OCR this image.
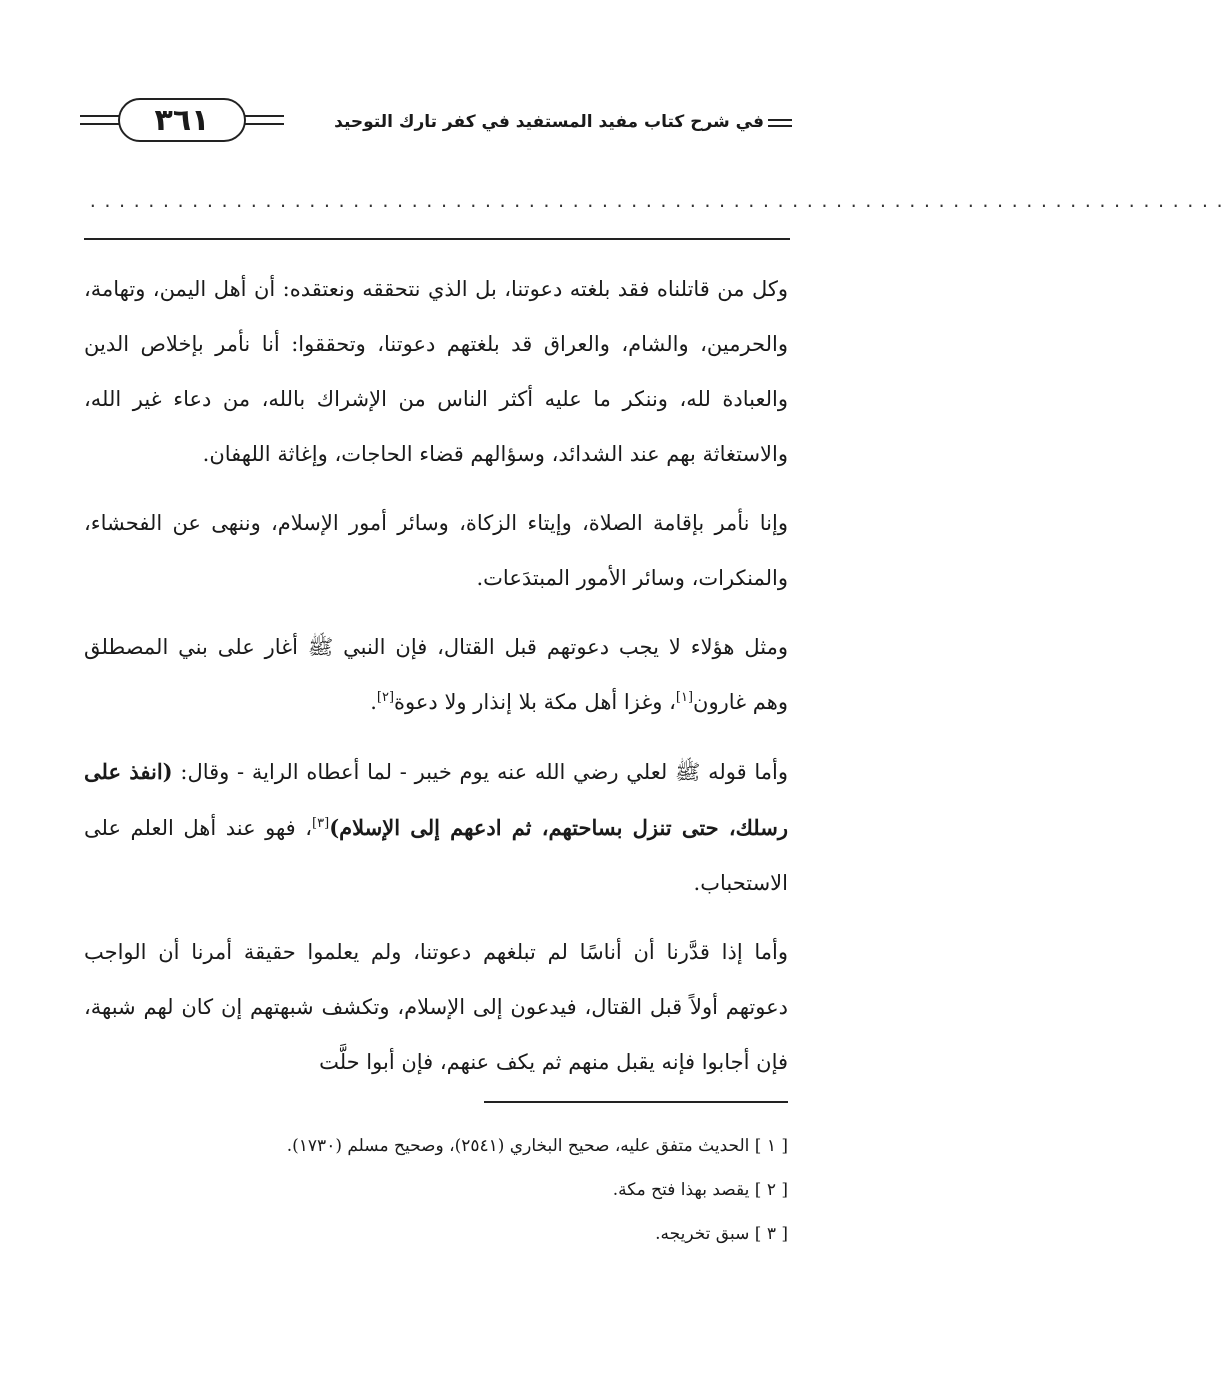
٣٦١	في شرح كتاب مفيد المستفيد في كفر تارك التوحيد
..............................................................................

وكل من قاتلناه فقد بلغته دعوتنا، بل الذي نتحققه ونعتقده: أن أهل اليمن، وتهامة، والحرمين، والشام، والعراق قد بلغتهم دعوتنا، وتحققوا: أنا نأمر بإخلاص الدين والعبادة لله، وننكر ما عليه أكثر الناس من الإشراك بالله، من دعاء غير الله، والاستغاثة بهم عند الشدائد، وسؤالهم قضاء الحاجات، وإغاثة اللهفان.

وإنا نأمر بإقامة الصلاة، وإيتاء الزكاة، وسائر أمور الإسلام، وننهى عن الفحشاء، والمنكرات، وسائر الأمور المبتدَعات.

ومثل هؤلاء لا يجب دعوتهم قبل القتال، فإن النبي ﷺ أغار على بني المصطلق وهم غارون[١]، وغزا أهل مكة بلا إنذار ولا دعوة[٢].

وأما قوله ﷺ لعلي رضي الله عنه يوم خيبر - لما أعطاه الراية - وقال: (انفذ على رسلك، حتى تنزل بساحتهم، ثم ادعهم إلى الإسلام)[٣]، فهو عند أهل العلم على الاستحباب.

وأما إذا قدَّرنا أن أناسًا لم تبلغهم دعوتنا، ولم يعلموا حقيقة أمرنا أن الواجب دعوتهم أولاً قبل القتال، فيدعون إلى الإسلام، وتكشف شبهتهم إن كان لهم شبهة، فإن أجابوا فإنه يقبل منهم ثم يكف عنهم، فإن أبوا حلَّت

[ ١ ] الحديث متفق عليه، صحيح البخاري (٢٥٤١)، وصحيح مسلم (١٧٣٠).

[ ٢ ] يقصد بهذا فتح مكة.

[ ٣ ] سبق تخريجه.
